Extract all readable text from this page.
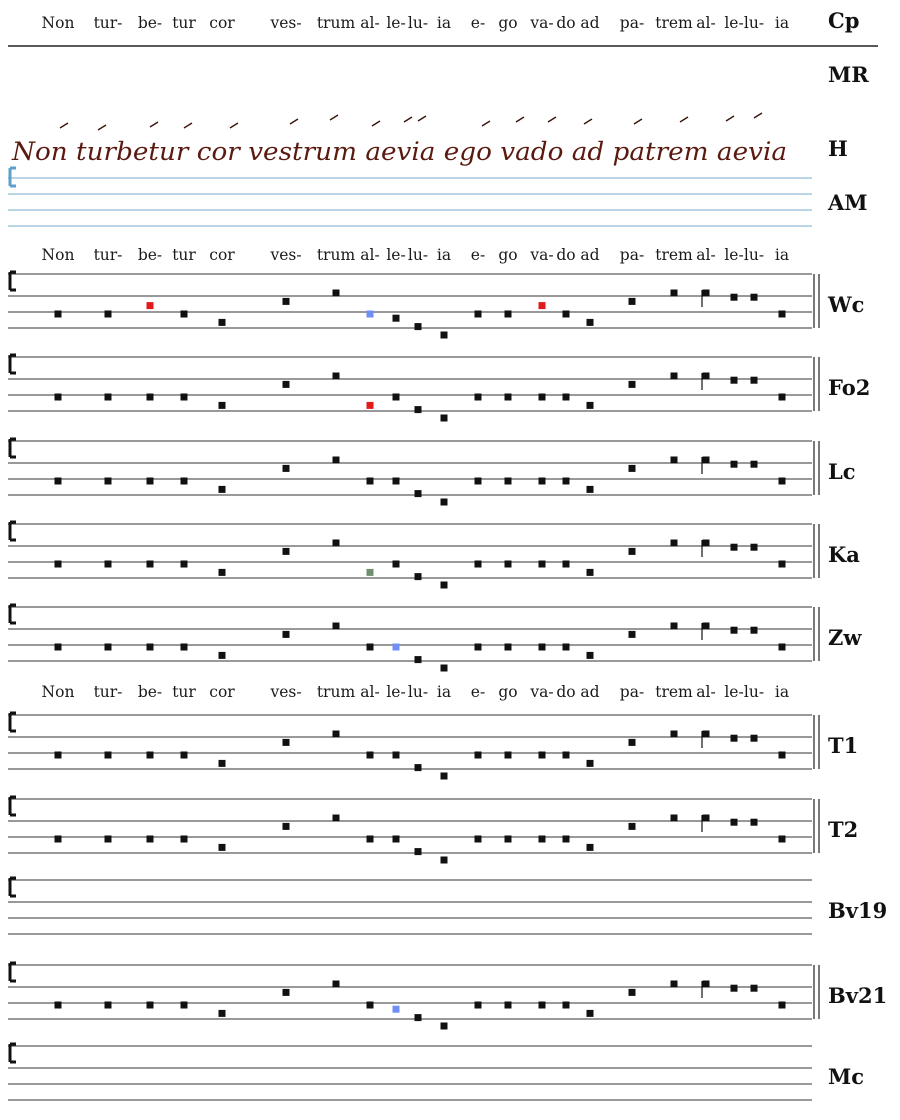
Non tur- be- tur cor ves- trum al- le- lu- ia e- go va- do ad pa- trem al- le- lu- ia Cp
MR
H
Non turbetur cor vestrum aevia ego vado ad patrem aevia
AM
Non tur- be- tur cor ves- trum al- le- lu- ia e- go va- do ad pa- trem al- le- lu- ia
Wc
Fo2
Lc
Ka
Zw
Non tur- be- tur cor ves- trum al- le- lu- ia e- go va- do ad pa- trem al- le- lu- ia
T1
T2
Bv19
Bv21
Mc
